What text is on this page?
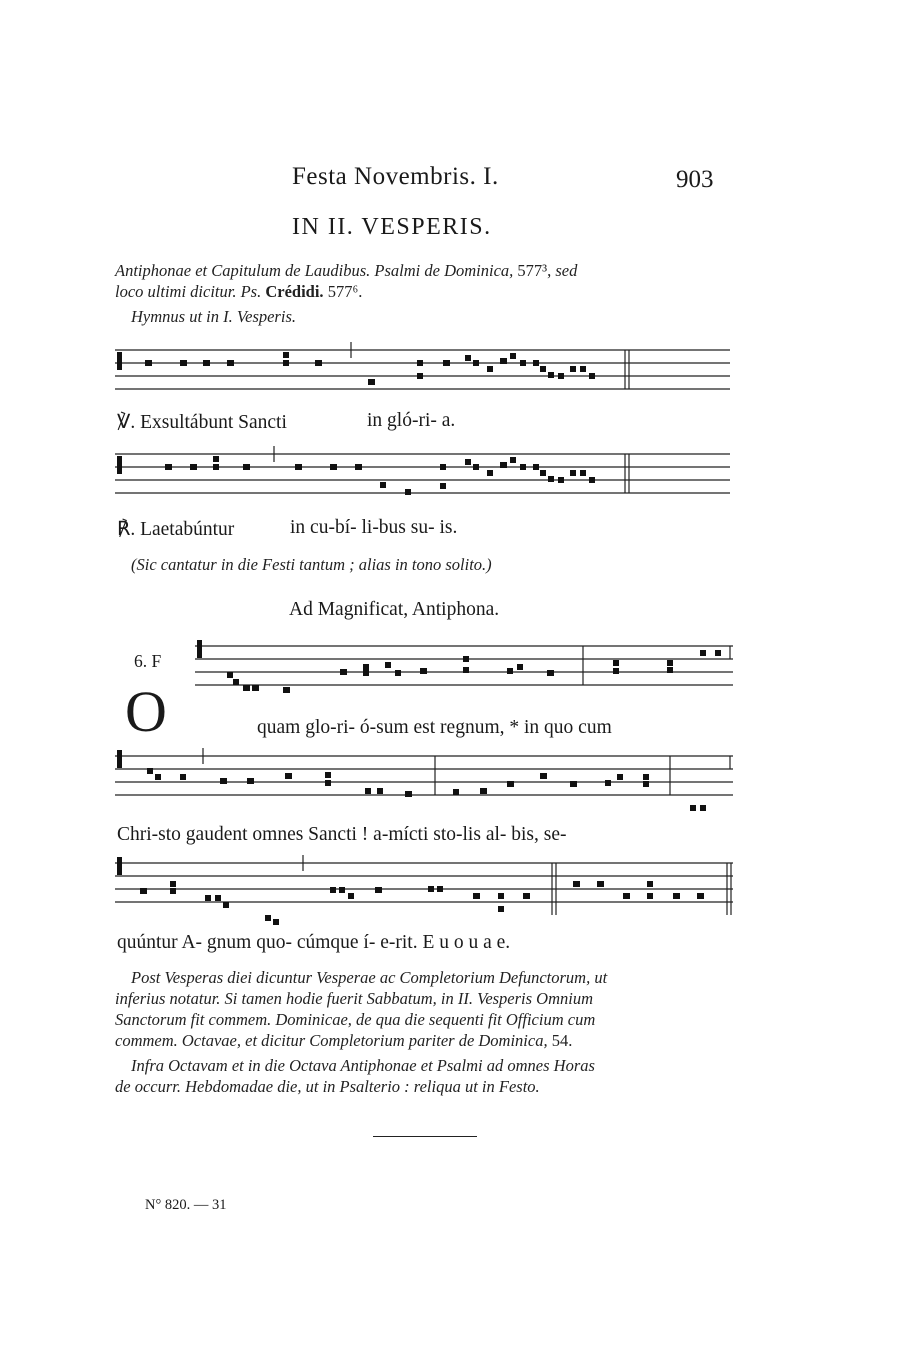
Festa Novembris. I.	903
IN II. VESPERIS.
Antiphonae et Capitulum de Laudibus. Psalmi de Dominica, 577³, sed
loco ultimi dicitur. Ps. Crédidi. 577⁶.
Hymnus ut in I. Vesperis.
℣. Exsultábunt Sancti	in gló-ri- a.
℟. Laetabúntur	in cu-bí- li-bus su- is.
(Sic cantatur in die Festi tantum ; alias in tono solito.)
Ad Magnificat, Antiphona.
6. F
O	quam glo-ri- ó-sum est regnum, * in quo cum
Chri-sto gaudent omnes Sancti ! a-mícti sto-lis al- bis, se-
quúntur A- gnum quo- cúmque í- e-rit. E u o u a e.
Post Vesperas diei dicuntur Vesperae ac Completorium Defunctorum, ut
inferius notatur. Si tamen hodie fuerit Sabbatum, in II. Vesperis Omnium
Sanctorum fit commem. Dominicae, de qua die sequenti fit Officium cum
commem. Octavae, et dicitur Completorium pariter de Dominica, 54.
Infra Octavam et in die Octava Antiphonae et Psalmi ad omnes Horas
de occurr. Hebdomadae die, ut in Psalterio : reliqua ut in Festo.
N° 820. — 31
